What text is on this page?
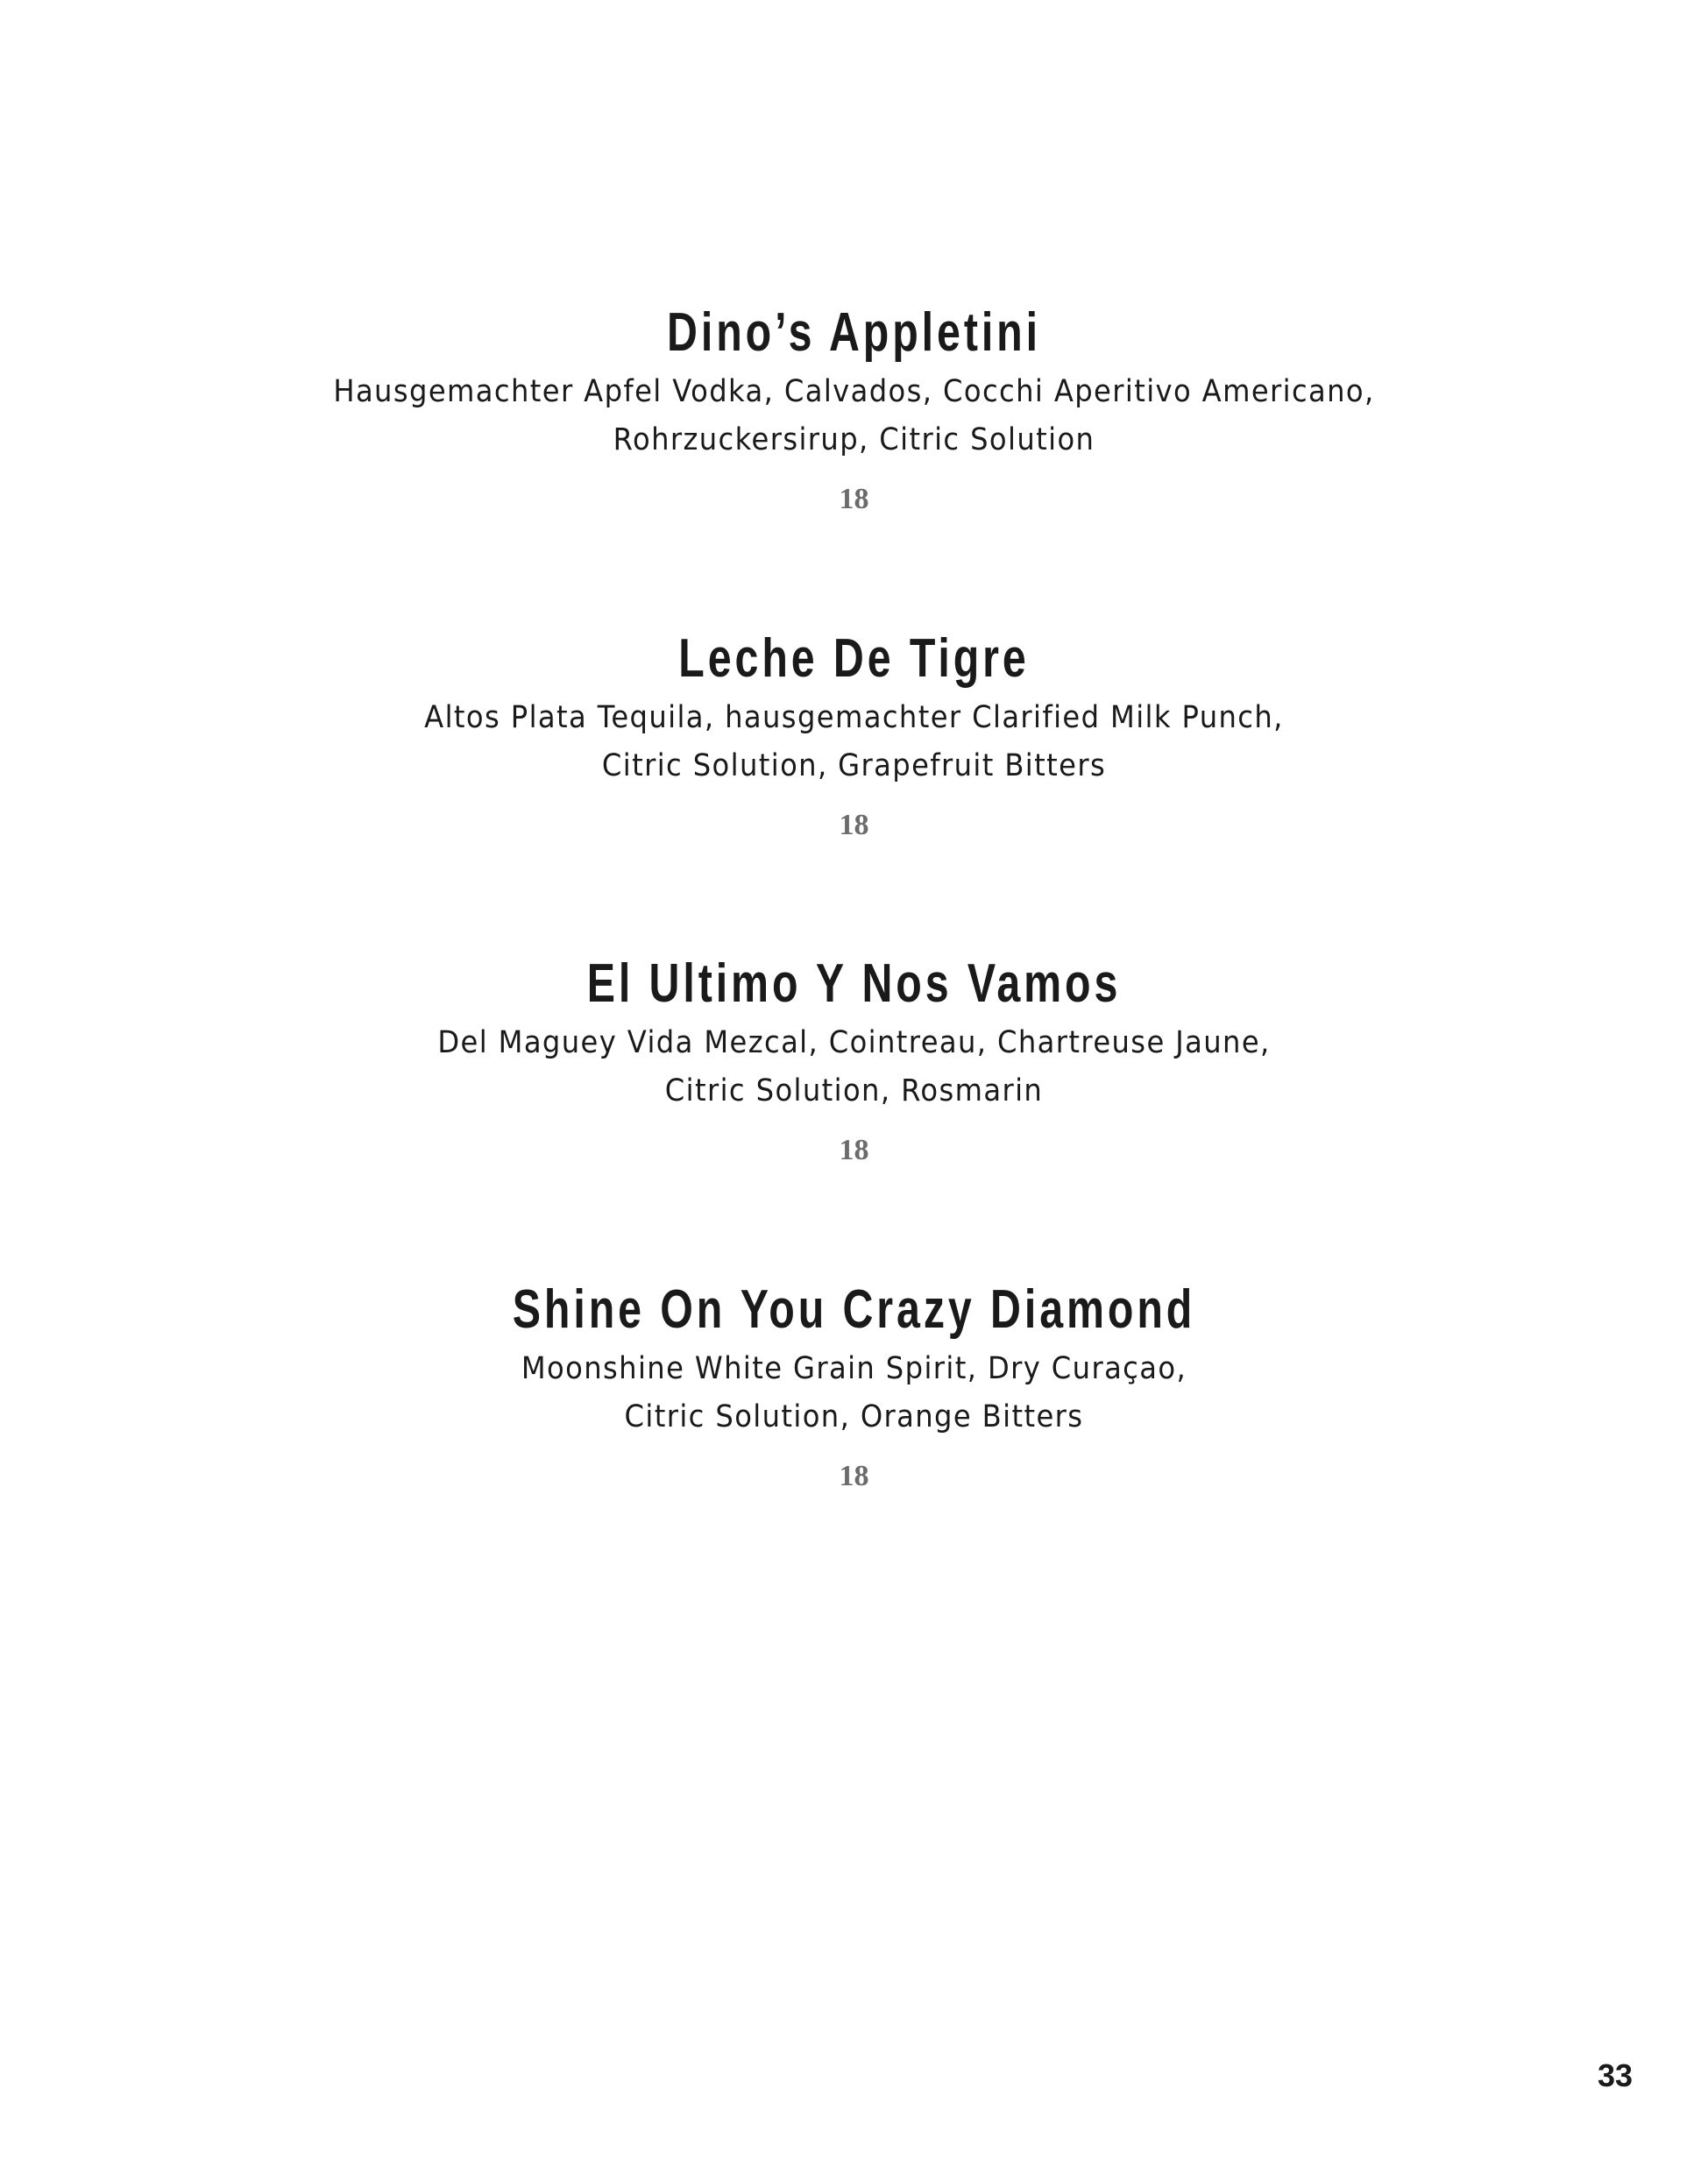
Dino’s Appletini
Hausgemachter Apfel Vodka, Calvados, Cocchi Aperitivo Americano,
Rohrzuckersirup, Citric Solution
18
Leche De Tigre
Altos Plata Tequila, hausgemachter Clarified Milk Punch,
Citric Solution, Grapefruit Bitters
18
El Ultimo Y Nos Vamos
Del Maguey Vida Mezcal, Cointreau, Chartreuse Jaune,
Citric Solution, Rosmarin
18
Shine On You Crazy Diamond
Moonshine White Grain Spirit, Dry Curaçao,
Citric Solution, Orange Bitters
18
33
